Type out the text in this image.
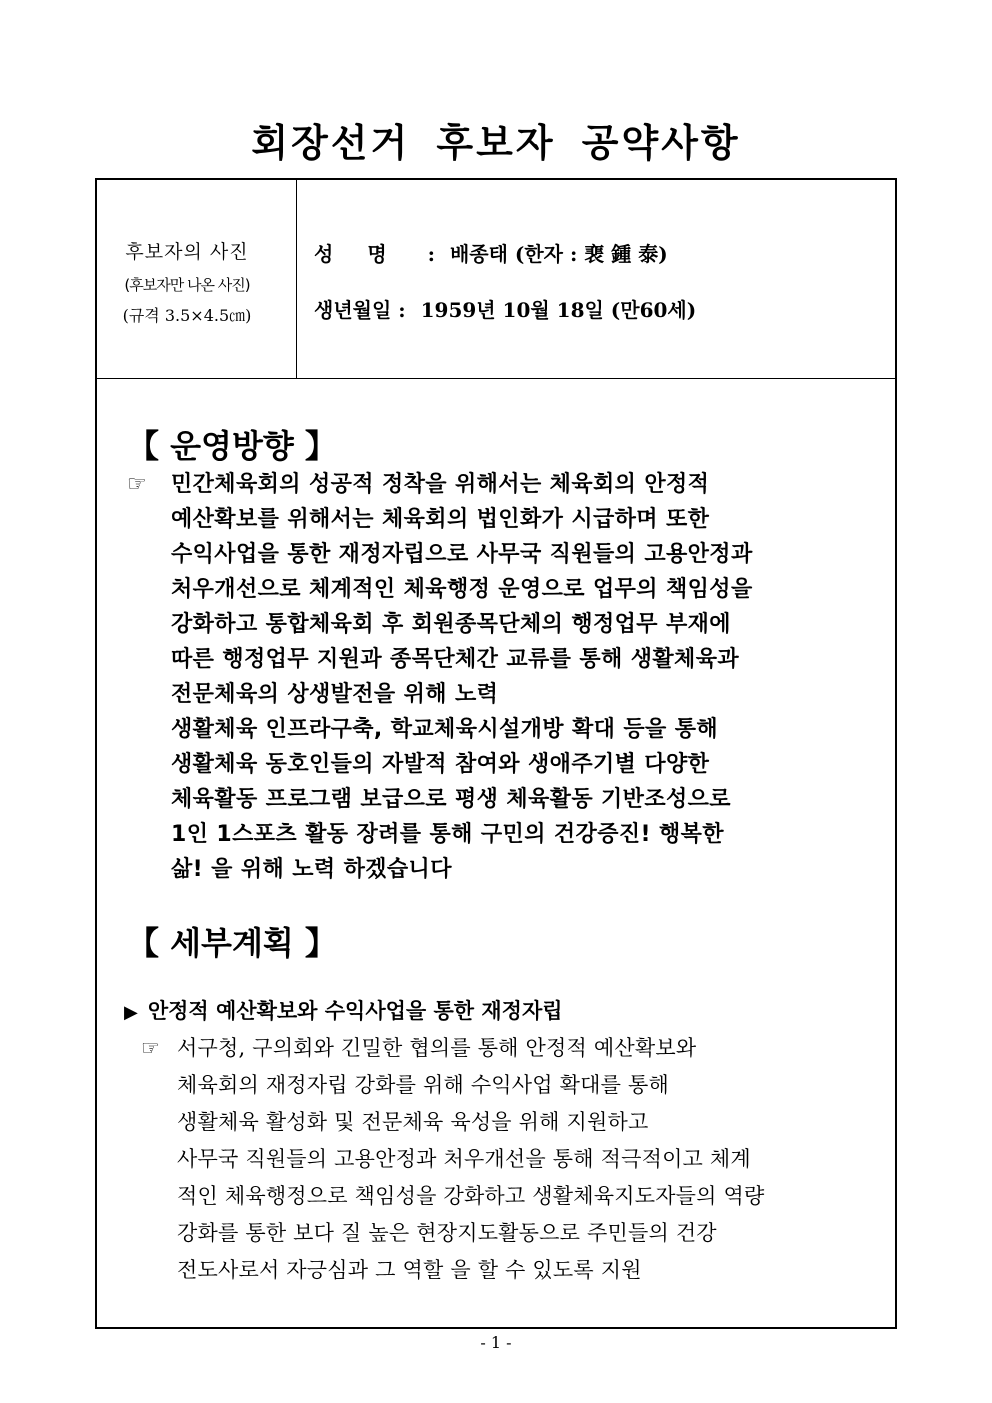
회장선거 후보자 공약사항
후보자의 사진
(후보자만 나온 사진)
(규격 3.5×4.5㎝)
성명 : 배종태 (한자 : 裵 鍾 泰)
생년월일 : 1959년 10월 18일 (만60세)
【 운영방향 】
☞ 민간체육회의 성공적 정착을 위해서는 체육회의 안정적
예산확보를 위해서는 체육회의 법인화가 시급하며 또한
수익사업을 통한 재정자립으로 사무국 직원들의 고용안정과
처우개선으로 체계적인 체육행정 운영으로 업무의 책임성을
강화하고 통합체육회 후 회원종목단체의 행정업무 부재에
따른 행정업무 지원과 종목단체간 교류를 통해 생활체육과
전문체육의 상생발전을 위해 노력
생활체육 인프라구축, 학교체육시설개방 확대 등을 통해
생활체육 동호인들의 자발적 참여와 생애주기별 다양한
체육활동 프로그램 보급으로 평생 체육활동 기반조성으로
1인 1스포츠 활동 장려를 통해 구민의 건강증진! 행복한
삶! 을 위해 노력 하겠습니다
【 세부계획 】
▶ 안정적 예산확보와 수익사업을 통한 재정자립
☞ 서구청, 구의회와 긴밀한 협의를 통해 안정적 예산확보와
체육회의 재정자립 강화를 위해 수익사업 확대를 통해
생활체육 활성화 및 전문체육 육성을 위해 지원하고
사무국 직원들의 고용안정과 처우개선을 통해 적극적이고 체계
적인 체육행정으로 책임성을 강화하고 생활체육지도자들의 역량
강화를 통한 보다 질 높은 현장지도활동으로 주민들의 건강
전도사로서 자긍심과 그 역할 을 할 수 있도록 지원
- 1 -
